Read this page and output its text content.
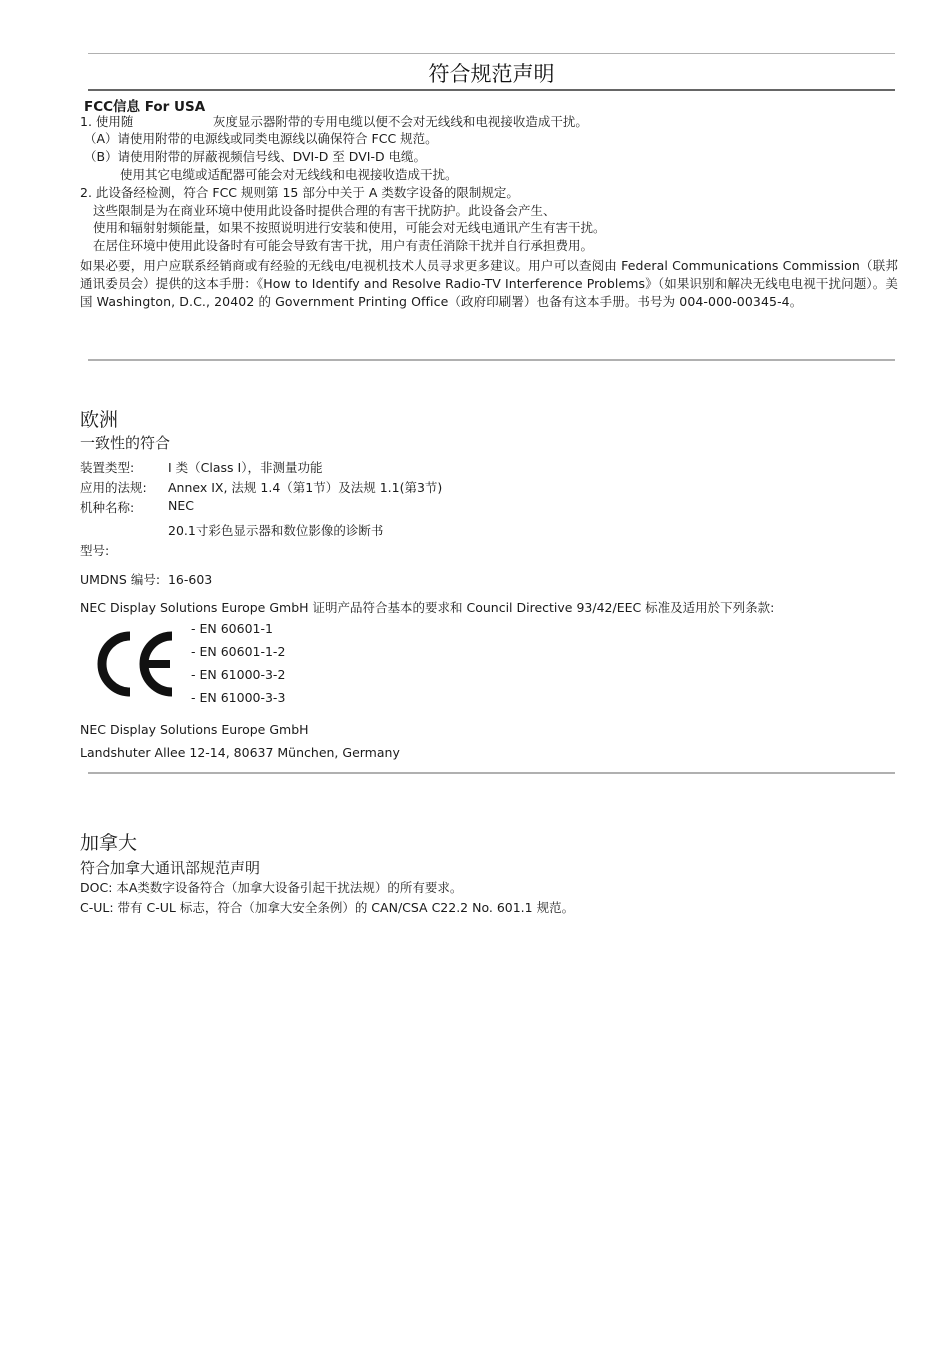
符合规范声明
FCC信息 For USA
1. 使用随                    灰度显示器附带的专用电缆以便不会对无线线和电视接收造成干扰。
（A）请使用附带的电源线或同类电源线以确保符合 FCC 规范。
（B）请使用附带的屏蔽视频信号线、DVI-D 至 DVI-D 电缆。
使用其它电缆或适配器可能会对无线线和电视接收造成干扰。
2. 此设备经检测，符合 FCC 规则第 15 部分中关于 A 类数字设备的限制规定。
这些限制是为在商业环境中使用此设备时提供合理的有害干扰防护。此设备会产生、
使用和辐射射频能量，如果不按照说明进行安装和使用，可能会对无线电通讯产生有害干扰。
在居住环境中使用此设备时有可能会导致有害干扰，用户有责任消除干扰并自行承担费用。
如果必要，用户应联系经销商或有经验的无线电/电视机技术人员寻求更多建议。用户可以查阅由 Federal Communications Commission（联邦通讯委员会）提供的这本手册：《How to Identify and Resolve Radio-TV Interference Problems》（如果识别和解决无线电电视干扰问题）。美国 Washington, D.C., 20402 的 Government Printing Office（政府印刷署）也备有这本手册。书号为 004-000-00345-4。
欧洲
一致性的符合
装置类型:	I 类（Class I），非测量功能
应用的法规: Annex IX, 法规 1.4（第1节）及法规 1.1(第3节)
机种名称:	NEC
20.1寸彩色显示器和数位影像的诊断书
型号:
UMDNS 编号:  16-603
NEC Display Solutions Europe GmbH 证明产品符合基本的要求和 Council Directive 93/42/EEC 标准及适用於下列条款:
- EN 60601-1
- EN 60601-1-2
- EN 61000-3-2
- EN 61000-3-3
NEC Display Solutions Europe GmbH
Landshuter Allee 12-14, 80637 München, Germany
加拿大
符合加拿大通讯部规范声明
DOC: 本A类数字设备符合（加拿大设备引起干扰法规）的所有要求。
C-UL: 带有 C-UL 标志，符合（加拿大安全条例）的 CAN/CSA C22.2 No. 601.1 规范。
